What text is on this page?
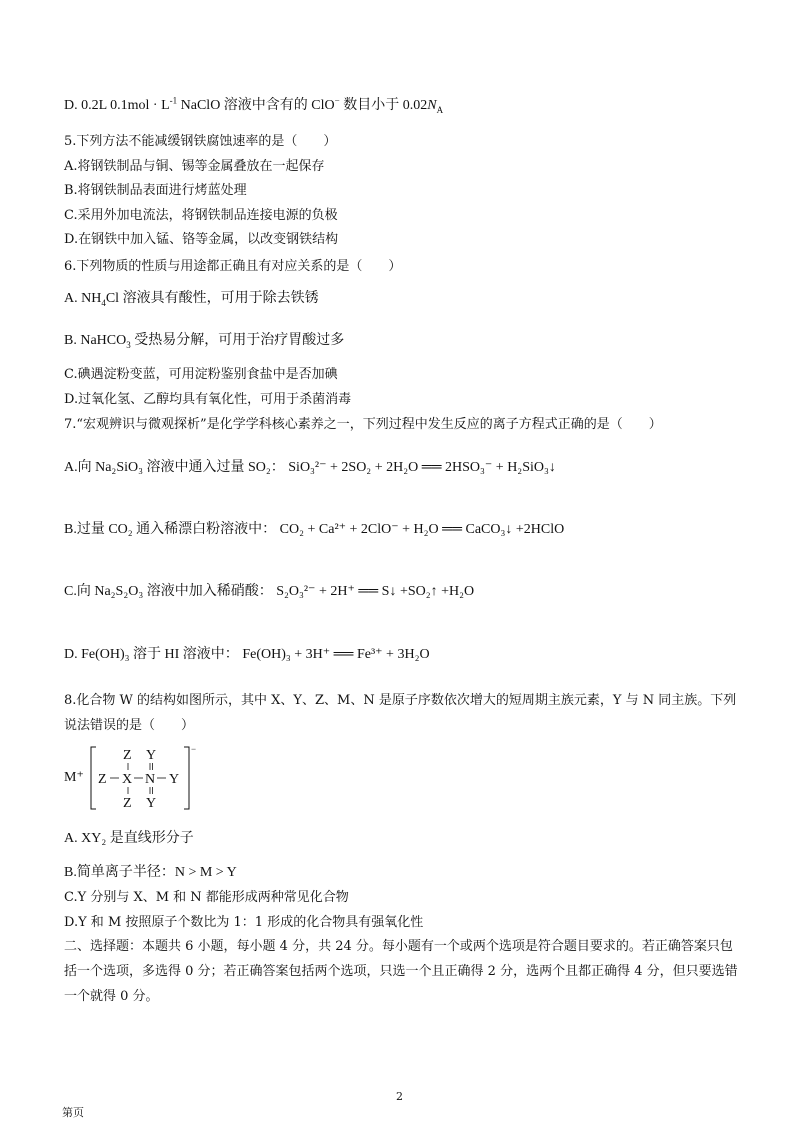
D. 0.2L $0.1mol \cdot L^{-1}$ NaClO 溶液中含有的 ClO− 数目小于 $0.02N_A$
5.下列方法不能减缓钢铁腐蚀速率的是（　　）
A.将钢铁制品与铜、锡等金属叠放在一起保存
B.将钢铁制品表面进行烤蓝处理
C.采用外加电流法，将钢铁制品连接电源的负极
D.在钢铁中加入锰、铬等金属，以改变钢铁结构
6.下列物质的性质与用途都正确且有对应关系的是（　　）
A. $NH_4Cl$ 溶液具有酸性，可用于除去铁锈
B. NaHCO$_3$ 受热易分解，可用于治疗胃酸过多
C.碘遇淀粉变蓝，可用淀粉鉴别食盐中是否加碘
D.过氧化氢、乙醇均具有氧化性，可用于杀菌消毒
7.“宏观辨识与微观探析”是化学学科核心素养之一，下列过程中发生反应的离子方程式正确的是（　　）
A.向 Na₂SiO₃ 溶液中通入过量 SO₂： SiO₃²⁻ + 2SO₂ + 2H₂O ══ 2HSO₃⁻ + H₂SiO₃↓
B.过量 CO₂ 通入稀漂白粉溶液中： CO₂ + Ca²⁺ + 2ClO⁻ + H₂O ══ CaCO₃↓ +2HClO
C.向 Na₂S₂O₃ 溶液中加入稀硝酸： S₂O₃²⁻ + 2H⁺ ══ S↓ +SO₂↑ +H₂O
D. Fe(OH)₃ 溶于 HI 溶液中： Fe(OH)₃ + 3H⁺ ══ Fe³⁺ + 3H₂O
8.化合物 W 的结构如图所示，其中 X、Y、Z、M、N 是原子序数依次增大的短周期主族元素，Y 与 N 同主族。下列说法错误的是（　　）
M⁺
−
Z Y
Z X N Y
Z Y
A. XY₂ 是直线形分子
B.简单离子半径：N > M > Y
C.Y 分别与 X、M 和 N 都能形成两种常见化合物
D.Y 和 M 按照原子个数比为 1：1 形成的化合物具有强氧化性
二、选择题：本题共 6 小题，每小题 4 分，共 24 分。每小题有一个或两个选项是符合题目要求的。若正确答案只包括一个选项，多选得 0 分；若正确答案包括两个选项，只选一个且正确得 2 分，选两个且都正确得 4 分，但只要选错一个就得 0 分。
2
第页
